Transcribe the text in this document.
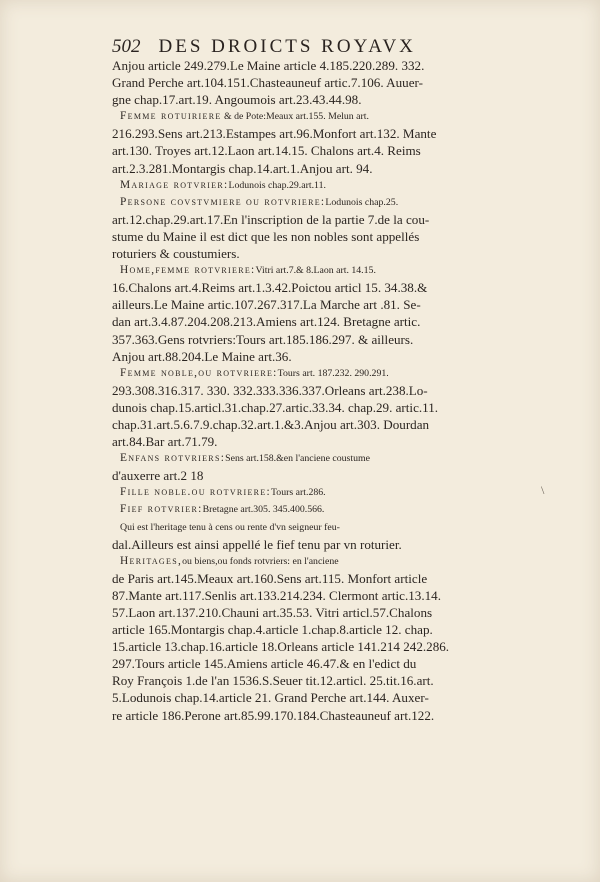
502 DES DROICTS ROYAVX
Anjou article 249.279.Le Maine article 4.185.220.289. 332.
Grand Perche art.104.151.Chasteauneuf artic.7.106. Auuer-
gne chap.17.art.19. Angoumois art.23.43.44.98.
Femme rotuiriere & de Pote:Meaux art.155. Melun art.
216.293.Sens art.213.Estampes art.96.Monfort art.132. Mante
art.130. Troyes art.12.Laon art.14.15. Chalons art.4. Reims
art.2.3.281.Montargis chap.14.art.1.Anjou art. 94.
Mariage rotvrier:Lodunois chap.29.art.11.
Persone covstvmiere ou rotvriere:Lodunois chap.25.
art.12.chap.29.art.17.En l'inscription de la partie 7.de la cou-
stume du Maine il est dict que les non nobles sont appellés
roturiers & coustumiers.
Home,femme rotvriere:Vitri art.7.& 8.Laon art. 14.15.
16.Chalons art.4.Reims art.1.3.42.Poictou articl 15. 34.38.&
ailleurs.Le Maine artic.107.267.317.La Marche art .81. Se-
dan art.3.4.87.204.208.213.Amiens art.124. Bretagne artic.
357.363.Gens rotvriers:Tours art.185.186.297. & ailleurs.
Anjou art.88.204.Le Maine art.36.
Femme noble,ou rotvriere:Tours art. 187.232. 290.291.
293.308.316.317. 330. 332.333.336.337.Orleans art.238.Lo-
dunois chap.15.articl.31.chap.27.artic.33.34. chap.29. artic.11.
chap.31.art.5.6.7.9.chap.32.art.1.&3.Anjou art.303. Dourdan
art.84.Bar art.71.79.
Enfans rotvriers:Sens art.158.&en l'anciene coustume
d'auxerre art.2 18
Fille noble.ou rotvriere:Tours art.286.
Fief rotvrier:Bretagne art.305. 345.400.566.
Qui est l'heritage tenu à cens ou rente d'vn seigneur feu-
dal.Ailleurs est ainsi appellé le fief tenu par vn roturier.
Heritages,ou biens,ou fonds rotvriers: en l'anciene
de Paris art.145.Meaux art.160.Sens art.115. Monfort article
87.Mante art.117.Senlis art.133.214.234. Clermont artic.13.14.
57.Laon art.137.210.Chauni art.35.53. Vitri articl.57.Chalons
article 165.Montargis chap.4.article 1.chap.8.article 12. chap.
15.article 13.chap.16.article 18.Orleans article 141.214 242.286.
297.Tours article 145.Amiens article 46.47.& en l'edict du
Roy François 1.de l'an 1536.S.Seuer tit.12.articl. 25.tit.16.art.
5.Lodunois chap.14.article 21. Grand Perche art.144. Auxer-
re article 186.Perone art.85.99.170.184.Chasteauneuf art.122.
\
